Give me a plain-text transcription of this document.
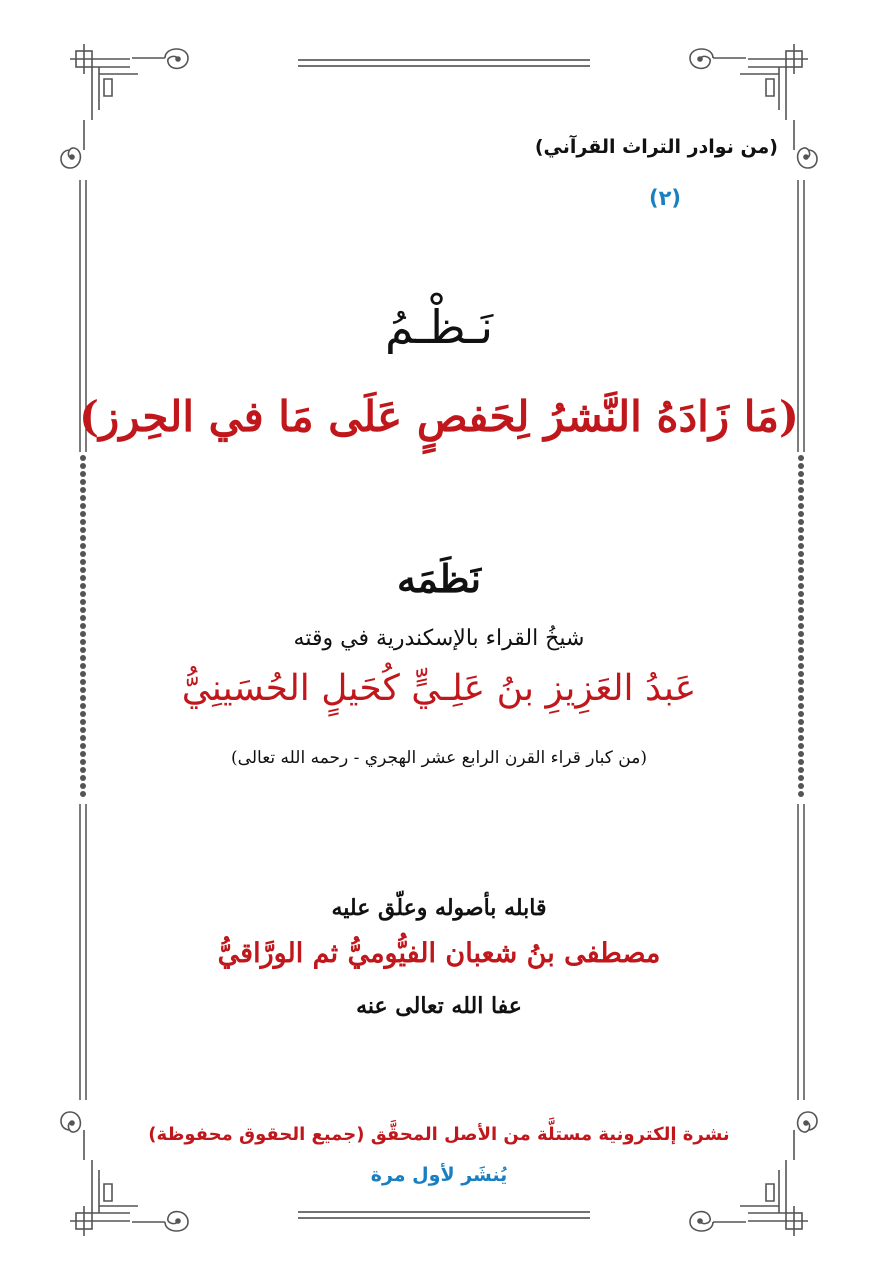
(من نوادر التراث القرآني)

(٢)

نَـظْـمُ

(مَا زَادَهُ النَّشرُ لِحَفصٍ عَلَى مَا في الحِرز)

نَظَمَه

شيخُ القراء بالإسكندرية في وقته

عَبدُ العَزِيزِ بنُ عَلِـيٍّ كُحَيلٍ الحُسَينِيُّ

(من كبار قراء القرن الرابع عشر الهجري - رحمه الله تعالى)

قابله بأصوله وعلّق عليه

مصطفى بنُ شعبان الفيُّوميُّ ثم الورَّاقيُّ

عفا الله تعالى عنه

نشرة إلكترونية مستلَّة من الأصل المحقَّق (جميع الحقوق محفوظة)

يُنشَر لأول مرة
